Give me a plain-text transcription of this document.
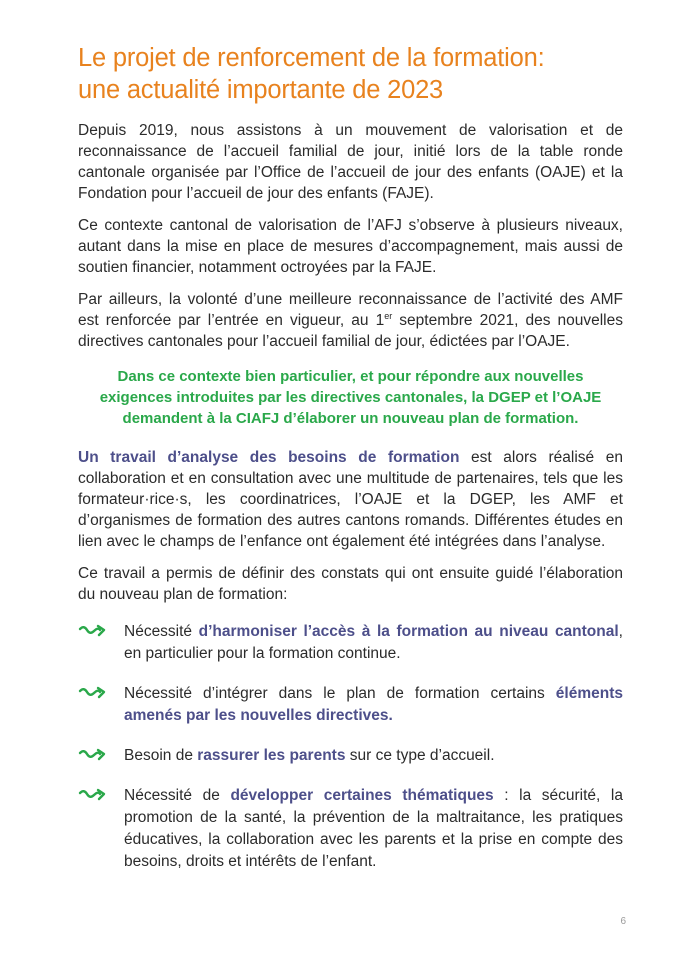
Le projet de renforcement de la formation:
une actualité importante de 2023

Depuis 2019, nous assistons à un mouvement de valorisation et de reconnaissance de l’accueil familial de jour, initié lors de la table ronde cantonale organisée par l’Office de l’accueil de jour des enfants (OAJE) et la Fondation pour l’accueil de jour des enfants (FAJE).

Ce contexte cantonal de valorisation de l’AFJ s’observe à plusieurs niveaux, autant dans la mise en place de mesures d’accompagnement, mais aussi de soutien financier, notamment octroyées par la FAJE.

Par ailleurs, la volonté d’une meilleure reconnaissance de l’activité des AMF est renforcée par l’entrée en vigueur, au 1er septembre 2021, des nouvelles directives cantonales pour l’accueil familial de jour, édictées par l’OAJE.

Dans ce contexte bien particulier, et pour répondre aux nouvelles exigences introduites par les directives cantonales, la DGEP et l’OAJE demandent à la CIAFJ d’élaborer un nouveau plan de formation.

Un travail d’analyse des besoins de formation est alors réalisé en collaboration et en consultation avec une multitude de partenaires, tels que les formateur·rice·s, les coordinatrices, l’OAJE et la DGEP, les AMF et d’organismes de formation des autres cantons romands. Différentes études en lien avec le champs de l’enfance ont également été intégrées dans l’analyse.

Ce travail a permis de définir des constats qui ont ensuite guidé l’élaboration du nouveau plan de formation:

Nécessité d’harmoniser l’accès à la formation au niveau cantonal, en particulier pour la formation continue.

Nécessité d’intégrer dans le plan de formation certains éléments amenés par les nouvelles directives.

Besoin de rassurer les parents sur ce type d’accueil.

Nécessité de développer certaines thématiques : la sécurité, la promotion de la santé, la prévention de la maltraitance, les pratiques éducatives, la collaboration avec les parents et la prise en compte des besoins, droits et intérêts de l’enfant.

6
